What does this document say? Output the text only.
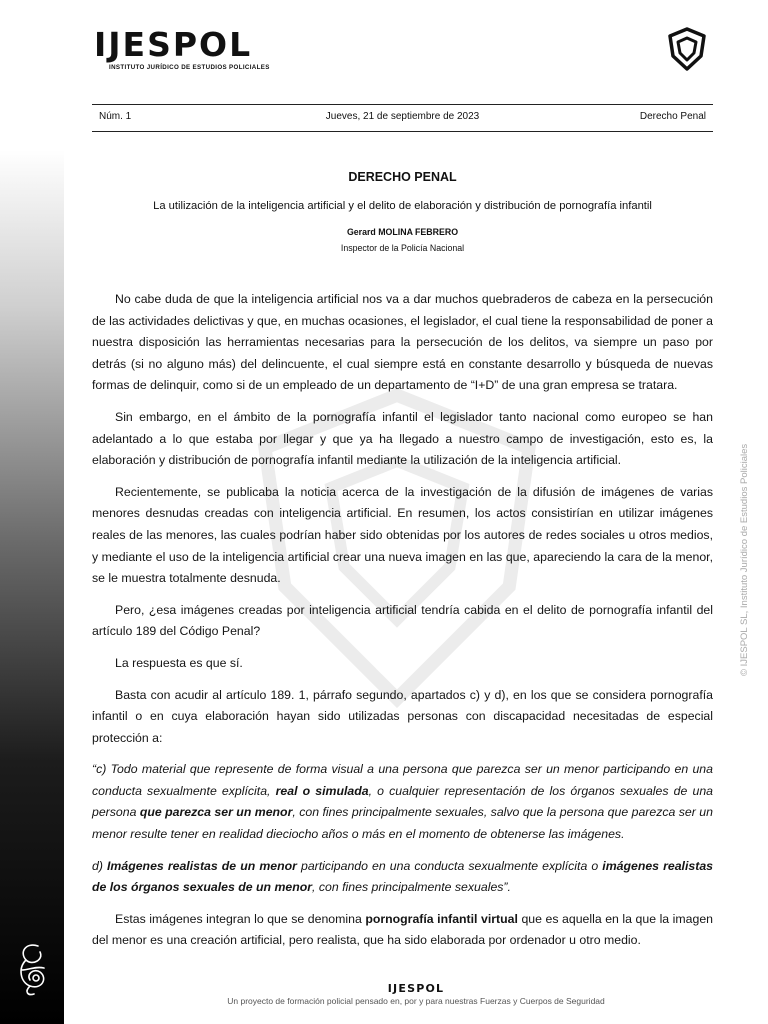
IJESPOL
INSTITUTO JURÍDICO DE ESTUDIOS POLICIALES
Núm. 1	Jueves, 21 de septiembre de 2023	Derecho Penal
DERECHO PENAL
La utilización de la inteligencia artificial y el delito de elaboración y distribución de pornografía infantil
Gerard MOLINA FEBRERO
Inspector de la Policía Nacional

No cabe duda de que la inteligencia artificial nos va a dar muchos quebraderos de cabeza en la persecución de las actividades delictivas y que, en muchas ocasiones, el legislador, el cual tiene la responsabilidad de poner a nuestra disposición las herramientas necesarias para la persecución de los delitos, va siempre un paso por detrás (si no alguno más) del delincuente, el cual siempre está en constante desarrollo y búsqueda de nuevas formas de delinquir, como si de un empleado de un departamento de “I+D” de una gran empresa se tratara.

Sin embargo, en el ámbito de la pornografía infantil el legislador tanto nacional como europeo se han adelantado a lo que estaba por llegar y que ya ha llegado a nuestro campo de investigación, esto es, la elaboración y distribución de pornografía infantil mediante la utilización de la inteligencia artificial.

Recientemente, se publicaba la noticia acerca de la investigación de la difusión de imágenes de varias menores desnudas creadas con inteligencia artificial. En resumen, los actos consistirían en utilizar imágenes reales de las menores, las cuales podrían haber sido obtenidas por los autores de redes sociales u otros medios, y mediante el uso de la inteligencia artificial crear una nueva imagen en las que, apareciendo la cara de la menor, se le muestra totalmente desnuda.

Pero, ¿esa imágenes creadas por inteligencia artificial tendría cabida en el delito de pornografía infantil del artículo 189 del Código Penal?

La respuesta es que sí.

Basta con acudir al artículo 189. 1, párrafo segundo, apartados c) y d), en los que se considera pornografía infantil o en cuya elaboración hayan sido utilizadas personas con discapacidad necesitadas de especial protección a:

“c) Todo material que represente de forma visual a una persona que parezca ser un menor participando en una conducta sexualmente explícita, real o simulada, o cualquier representación de los órganos sexuales de una persona que parezca ser un menor, con fines principalmente sexuales, salvo que la persona que parezca ser un menor resulte tener en realidad dieciocho años o más en el momento de obtenerse las imágenes.

d) Imágenes realistas de un menor participando en una conducta sexualmente explícita o imágenes realistas de los órganos sexuales de un menor, con fines principalmente sexuales”.

Estas imágenes integran lo que se denomina pornografía infantil virtual que es aquella en la que la imagen del menor es una creación artificial, pero realista, que ha sido elaborada por ordenador u otro medio.

© IJESPOL SL, Instituto Jurídico de Estudios Policiales
IJESPOL
Un proyecto de formación policial pensado en, por y para nuestras Fuerzas y Cuerpos de Seguridad
